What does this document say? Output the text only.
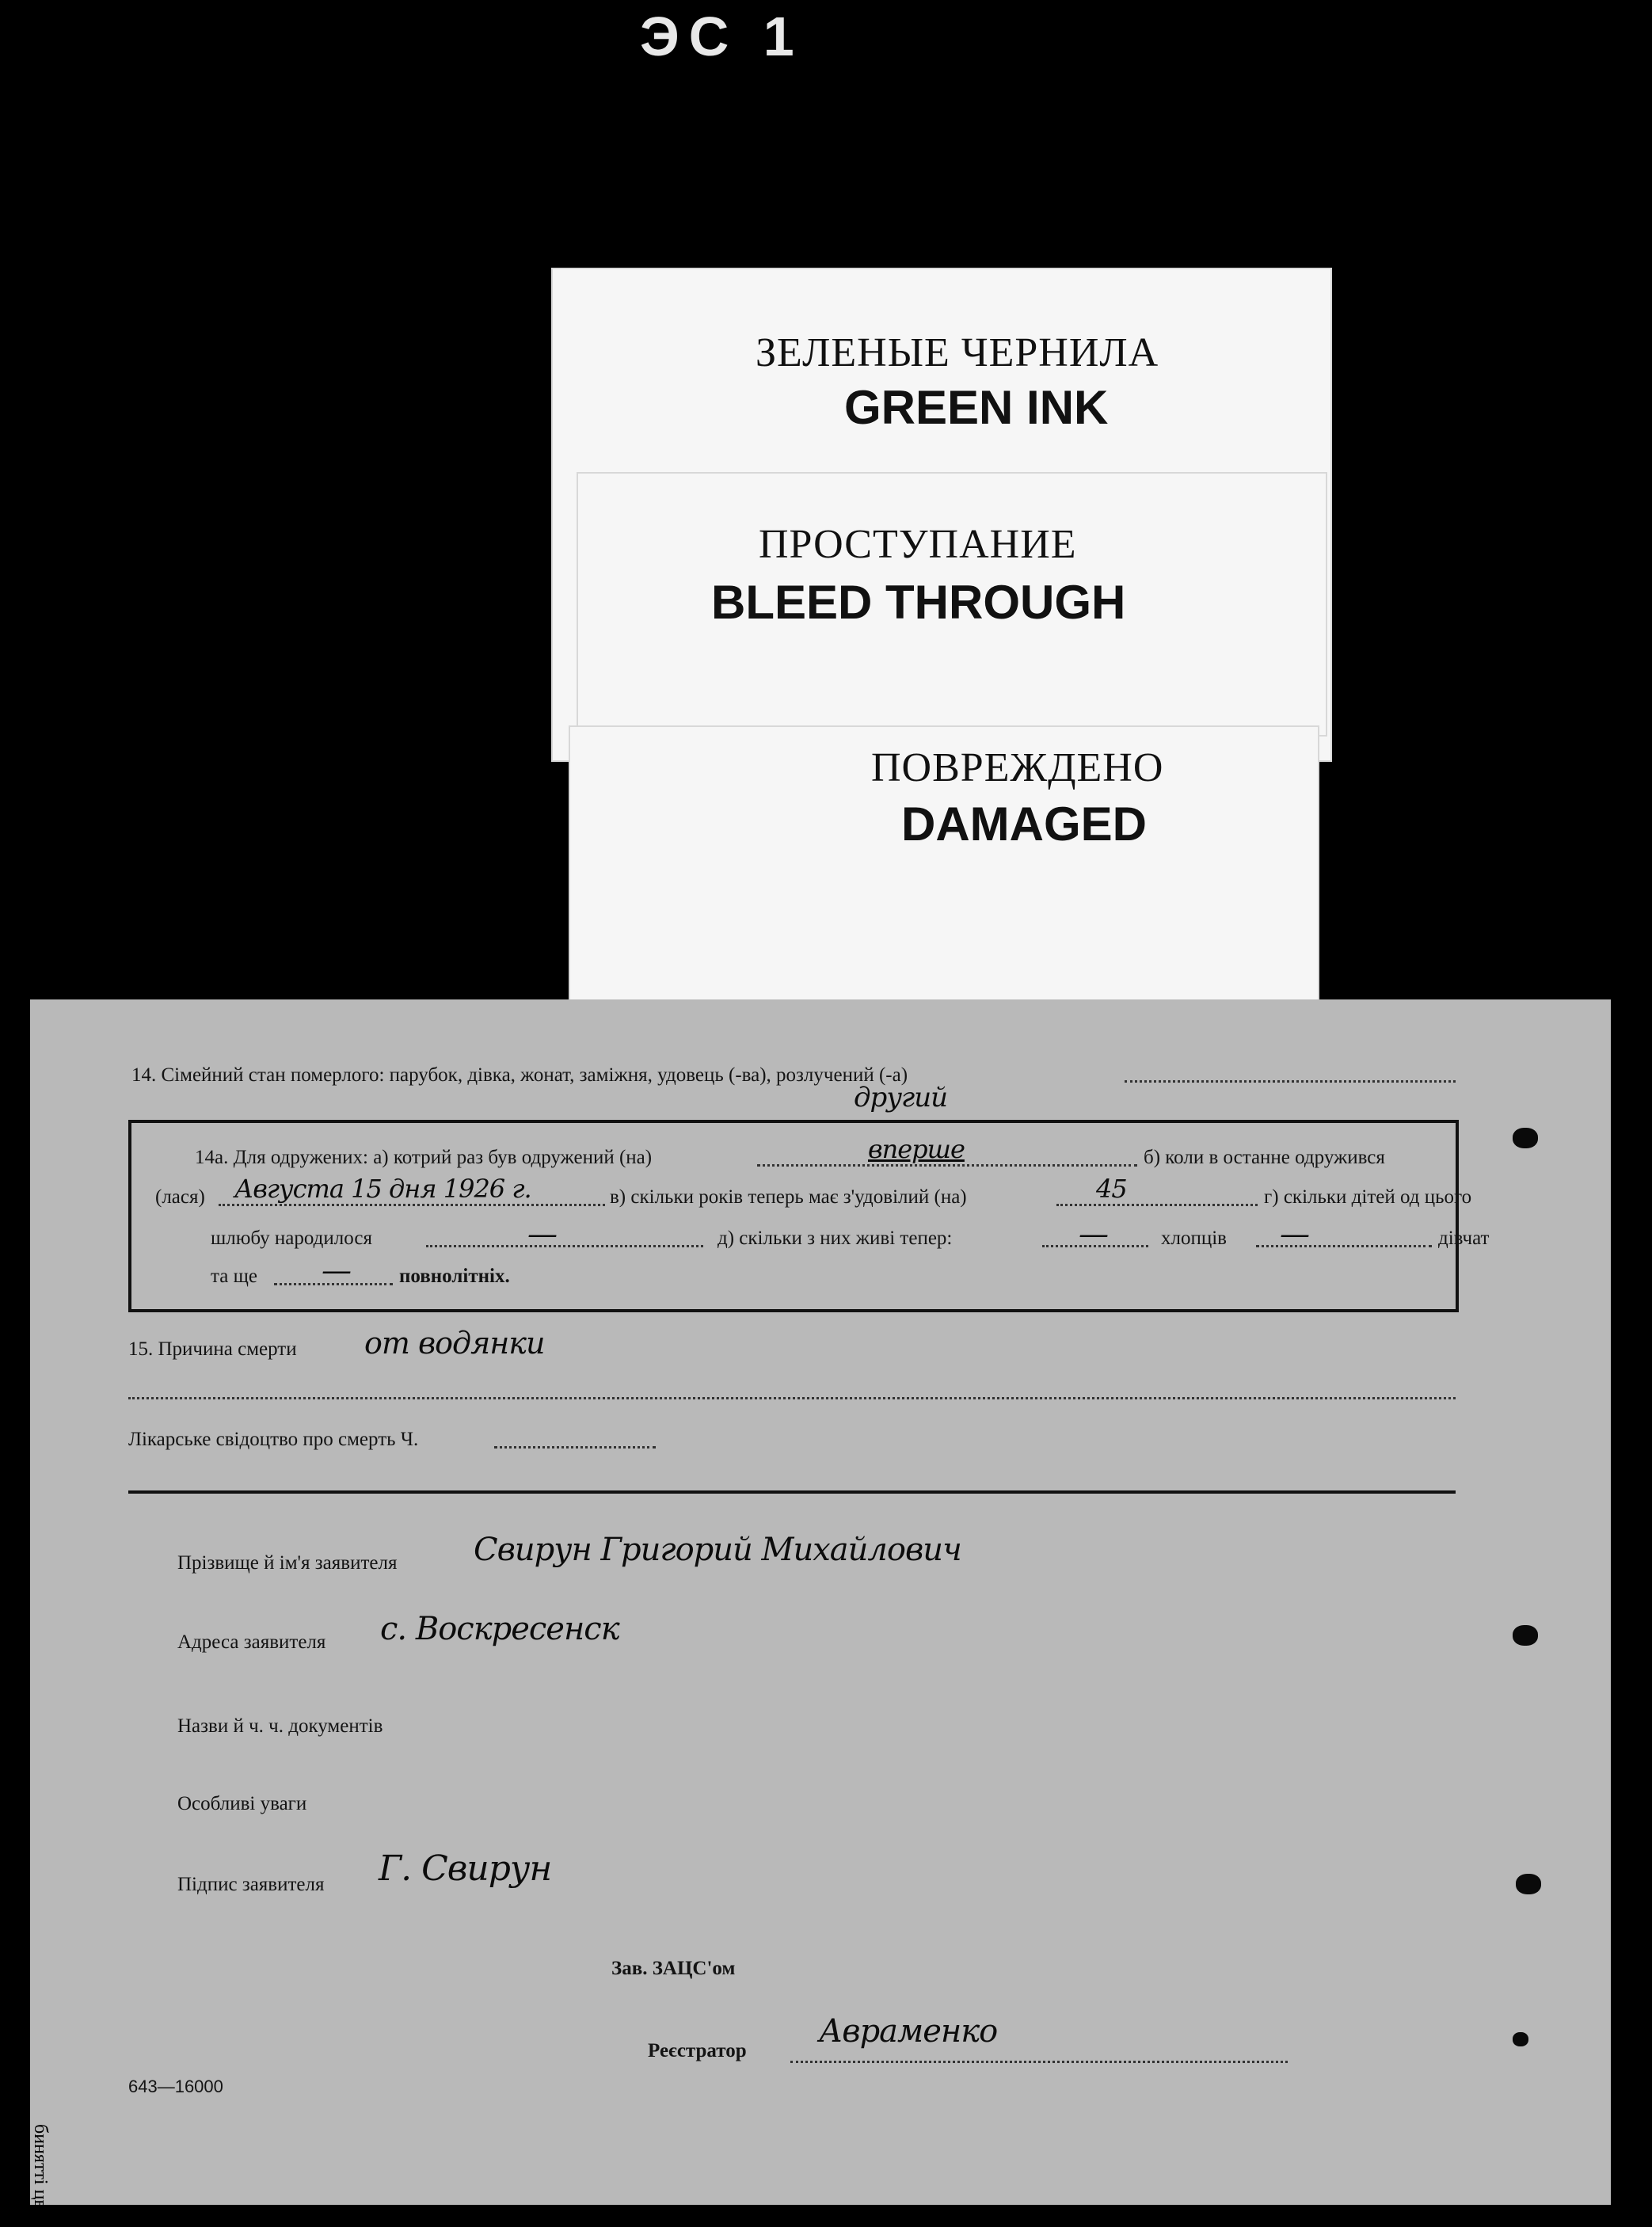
ЭС 1
ЗЕЛЕНЫЕ ЧЕРНИЛА
GREEN INK
ПРОСТУПАНИЕ
BLEED THROUGH
ПОВРЕЖДЕНО
DAMAGED
14. Сімейний стан померлого: парубок, дівка, жонат, заміжня, удовець (-ва), розлучений (-а)
другий
14а. Для одружених: а) котрий раз був одружений (на)	вперше	б) коли в останне одружився
(лася) Августа 15 дня 1926 г.	в) скільки років теперь має з'удовілий (на)	45	г) скільки дітей од цього
шлюбу народилося	—	д) скільки з них живі тепер:	—	хлопців —	дівчат
та ще — повнолітніх.
15. Причина смерти от водянки
Лікарське свідоцтво про смерть Ч.
Прізвище й ім'я заявителя Свирун Григорий Михайлович
Адреса заявителя с. Воскресенск
Назви й ч. ч. документів
Особливі уваги
Підпис заявителя Г. Свирун
Зав. ЗАЦС'ом
Реєстратор
Авраменко
643—16000
бинятті цвєн
